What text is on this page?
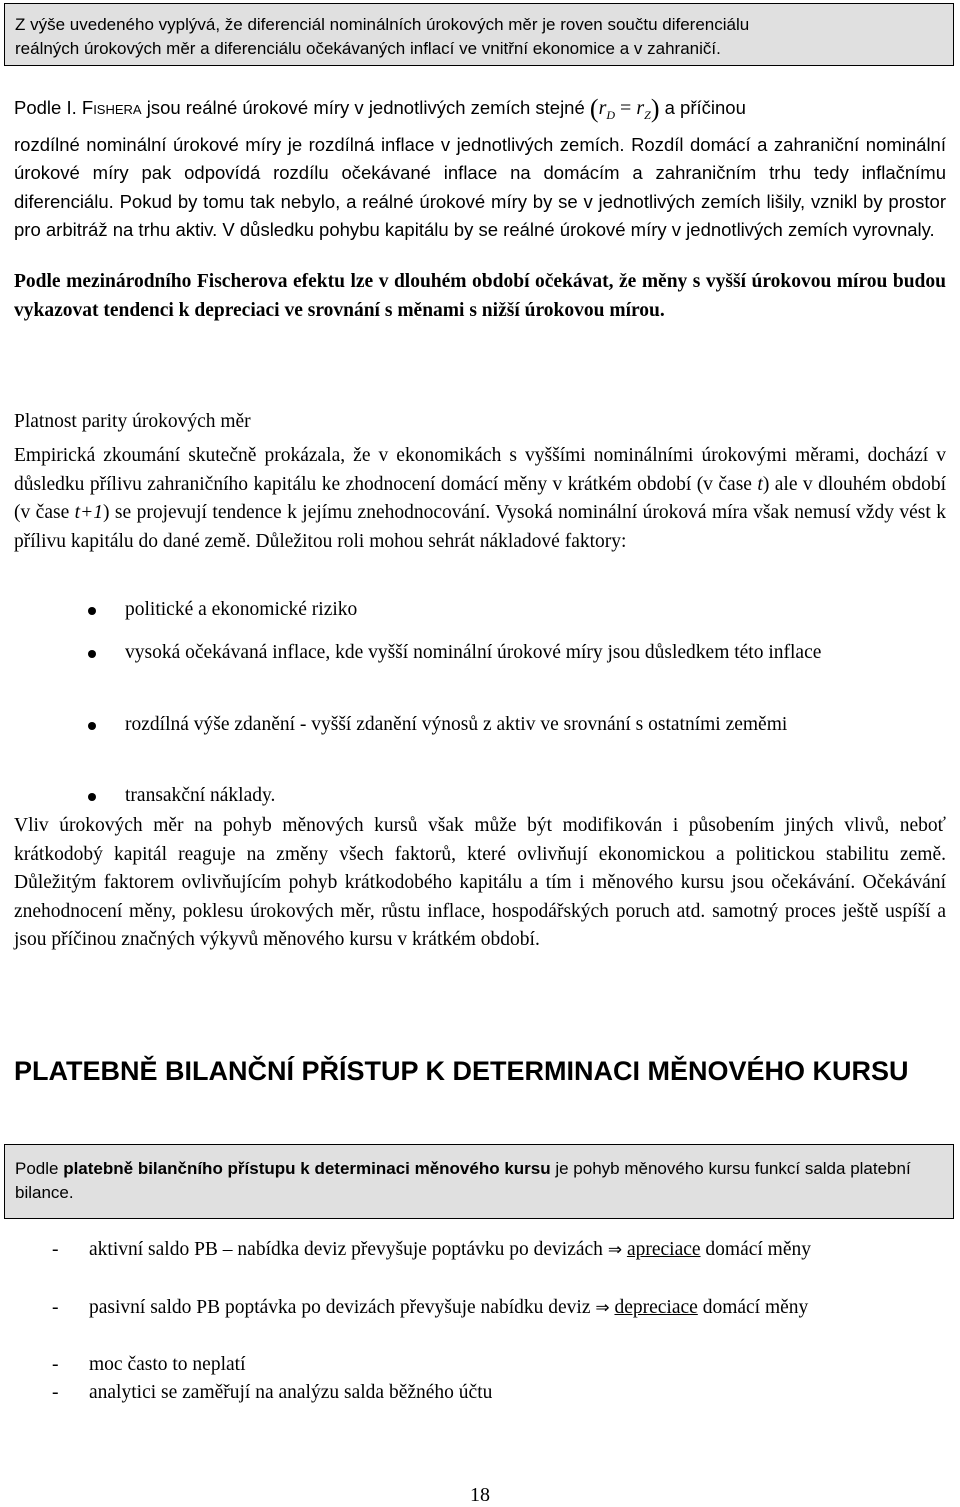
Z výše uvedeného vyplývá, že diferenciál nominálních úrokových měr je roven součtu diferenciálu
reálných úrokových měr a diferenciálu očekávaných inflací ve vnitřní ekonomice a v zahraničí.
Podle I. Fishera jsou reálné úrokové míry v jednotlivých zemích stejné $(r_D = r_Z)$ a příčinou
rozdílné nominální úrokové míry je rozdílná inflace v jednotlivých zemích. Rozdíl domácí a zahraniční nominální úrokové míry pak odpovídá rozdílu očekávané inflace na domácím a zahraničním trhu tedy inflačnímu diferenciálu. Pokud by tomu tak nebylo, a reálné úrokové míry by se v jednotlivých zemích lišily, vznikl by prostor pro arbitráž na trhu aktiv. V důsledku pohybu kapitálu by se reálné úrokové míry v jednotlivých zemích vyrovnaly.
Podle mezinárodního Fischerova efektu lze v dlouhém období očekávat, že měny s vyšší úrokovou mírou budou vykazovat tendenci k depreciaci ve srovnání s měnami s nižší úrokovou mírou.
Platnost parity úrokových měr
Empirická zkoumání skutečně prokázala, že v ekonomikách s vyššími nominálními úrokovými měrami, dochází v důsledku přílivu zahraničního kapitálu ke zhodnocení domácí měny v krátkém období (v čase t) ale v dlouhém období (v čase t+1) se projevují tendence k jejímu znehodnocování. Vysoká nominální úroková míra však nemusí vždy vést k přílivu kapitálu do dané země. Důležitou roli mohou sehrát nákladové faktory:
politické a ekonomické riziko
vysoká očekávaná inflace, kde vyšší nominální úrokové míry jsou důsledkem této inflace
rozdílná výše zdanění - vyšší zdanění výnosů z aktiv ve srovnání s ostatními zeměmi
transakční náklady.
Vliv úrokových měr na pohyb měnových kursů však může být modifikován i působením jiných vlivů, neboť krátkodobý kapitál reaguje na změny všech faktorů, které ovlivňují ekonomickou a politickou stabilitu země. Důležitým faktorem ovlivňujícím pohyb krátkodobého kapitálu a tím i měnového kursu jsou očekávání. Očekávání znehodnocení měny, poklesu úrokových měr, růstu inflace, hospodářských poruch atd. samotný proces ještě uspíší a jsou příčinou značných výkyvů měnového kursu v krátkém období.
PLATEBNĚ BILANČNÍ PŘÍSTUP K DETERMINACI MĚNOVÉHO KURSU
Podle platebně bilančního přístupu k determinaci měnového kursu je pohyb měnového kursu funkcí salda platební bilance.
- aktivní saldo PB – nabídka deviz převyšuje poptávku po devizách ⇒ apreciace domácí měny
- pasivní saldo PB poptávka po devizách převyšuje nabídku deviz ⇒ depreciace domácí měny
- moc často to neplatí
- analytici se zaměřují na analýzu salda běžného účtu
18
